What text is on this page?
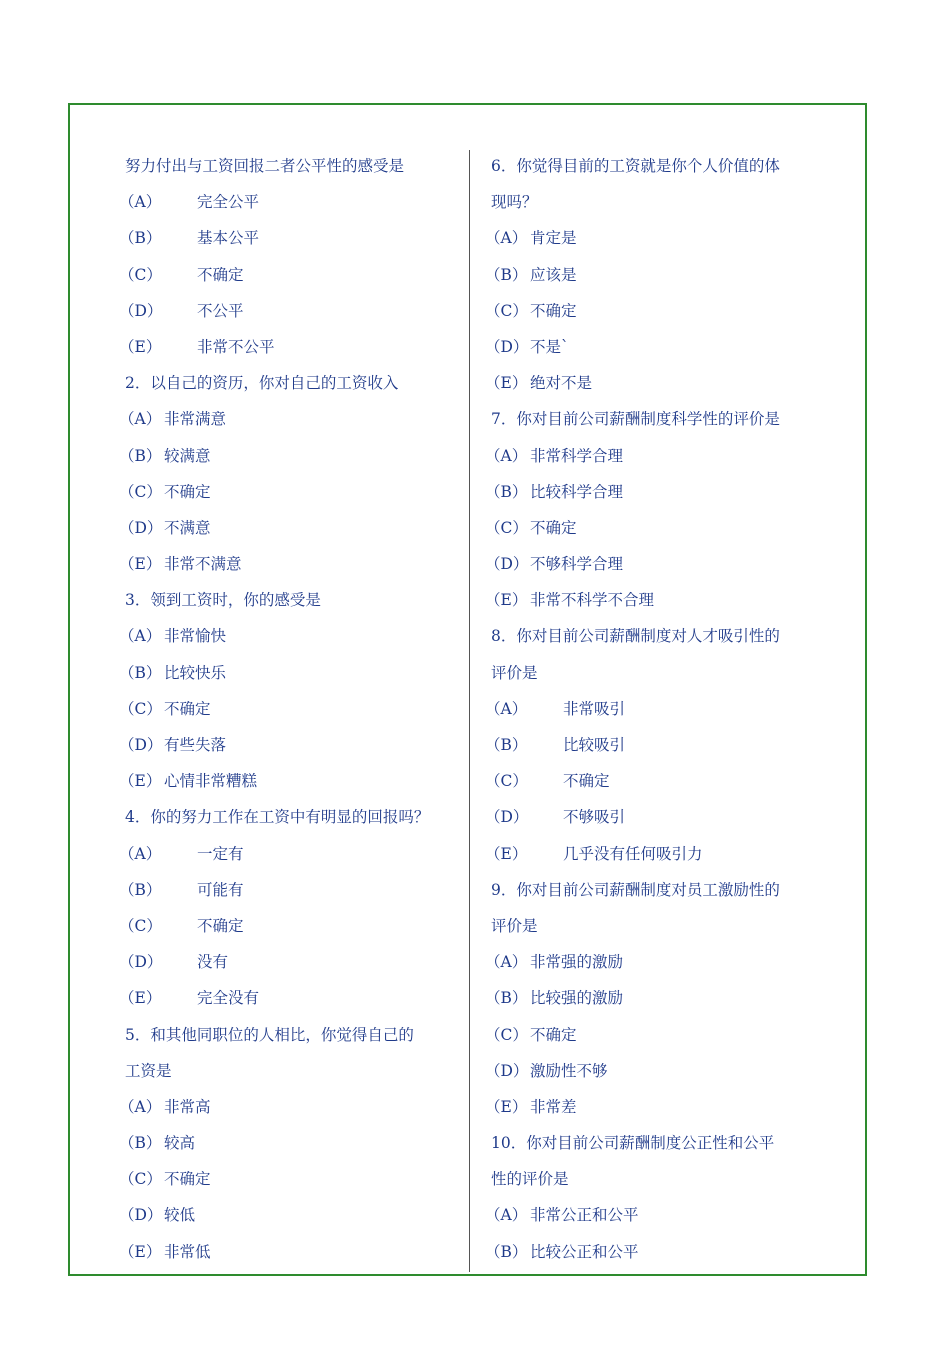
努力付出与工资回报二者公平性的感受是
（A）	完全公平
（B）	基本公平
（C）	不确定
（D）	不公平
（E）	非常不公平
2．以自己的资历，你对自己的工资收入
（A） 非常满意
（B） 较满意
（C） 不确定
（D） 不满意
（E） 非常不满意
3．领到工资时，你的感受是
（A） 非常愉快
（B） 比较快乐
（C） 不确定
（D） 有些失落
（E） 心情非常糟糕
4．你的努力工作在工资中有明显的回报吗？
（A）	一定有
（B）	可能有
（C）	不确定
（D）	没有
（E）	完全没有
5．和其他同职位的人相比，你觉得自己的
工资是
（A） 非常高
（B） 较高
（C） 不确定
（D） 较低
（E） 非常低
6．你觉得目前的工资就是你个人价值的体
现吗？
（A） 肯定是
（B） 应该是
（C） 不确定
（D） 不是`
（E） 绝对不是
7．你对目前公司薪酬制度科学性的评价是
（A） 非常科学合理
（B） 比较科学合理
（C） 不确定
（D） 不够科学合理
（E） 非常不科学不合理
8．你对目前公司薪酬制度对人才吸引性的
评价是
（A）	非常吸引
（B）	比较吸引
（C）	不确定
（D）	不够吸引
（E）	几乎没有任何吸引力
9．你对目前公司薪酬制度对员工激励性的
评价是
（A） 非常强的激励
（B） 比较强的激励
（C） 不确定
（D） 激励性不够
（E） 非常差
10．你对目前公司薪酬制度公正性和公平
性的评价是
（A） 非常公正和公平
（B） 比较公正和公平
